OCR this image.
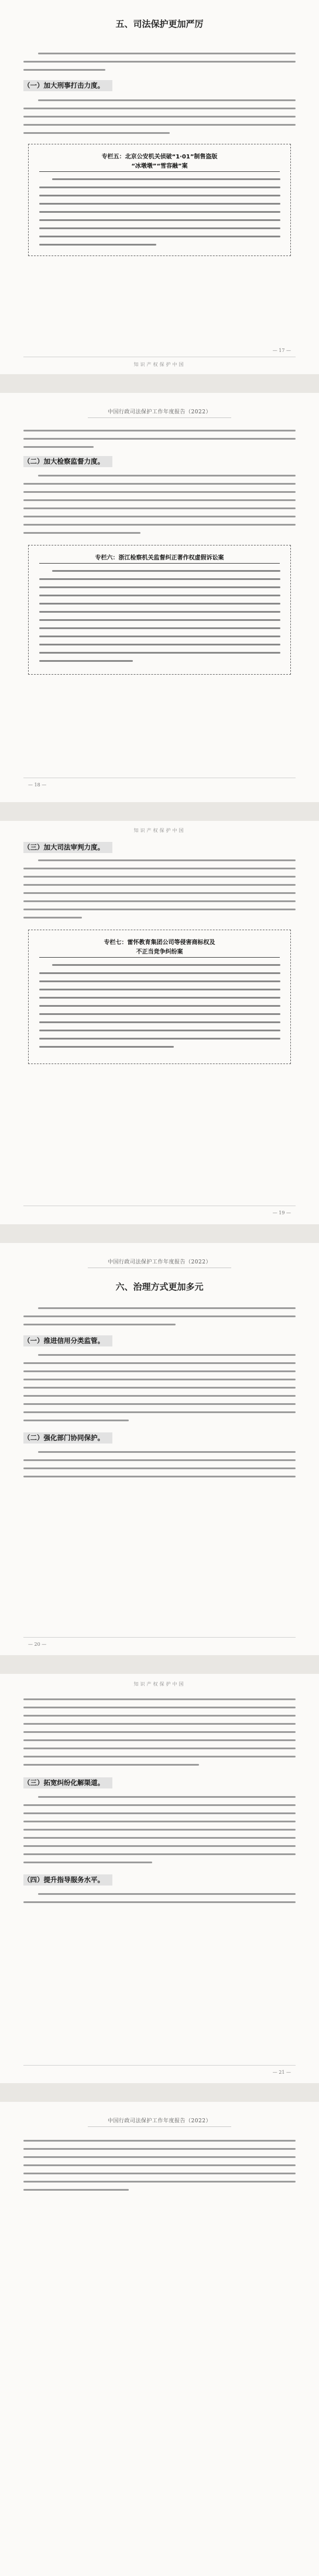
五、司法保护更加严厉
中国行政司法保护工作年度报告（2022）
中国行政司法保护工作年度报告（2022）
中国行政司法保护工作年度报告（2022）
（一）加大刑事打击力度。
专栏五：北京公安机关侦破“1·01”制售盗版
“冰墩墩”“雪容融”案
— 17 —
知识产权保护中国
（二）加大检察监督力度。
专栏六：浙江检察机关监督纠正著作权虚假诉讼案
— 18 —
知识产权保护中国
（三）加大司法审判力度。
专栏七：雷怀教育集团公司等侵害商标权及
不正当竞争纠纷案
— 19 —
六、治理方式更加多元
（一）推进信用分类监管。
（二）强化部门协同保护。
— 20 —
知识产权保护中国
（三）拓宽纠纷化解渠道。
（四）提升指导服务水平。
— 21 —
